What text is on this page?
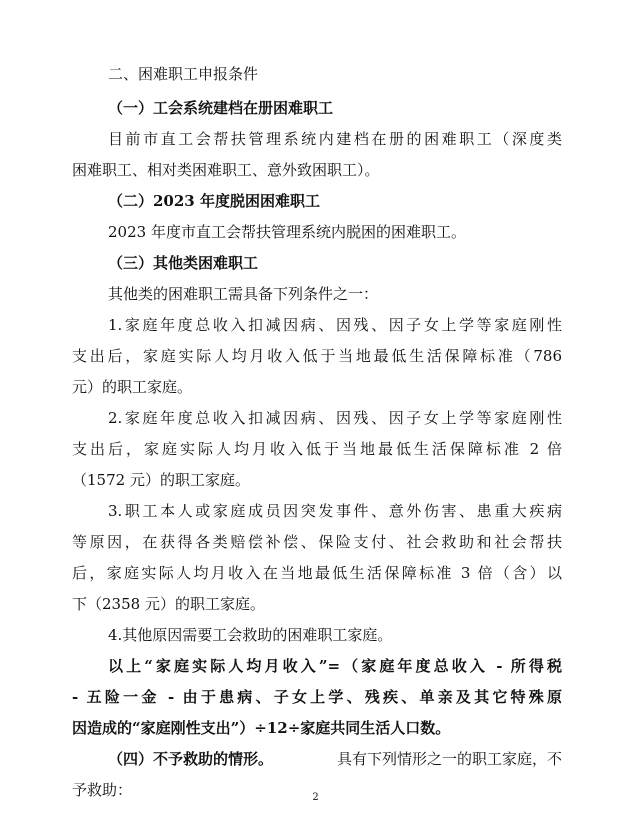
二、困难职工申报条件
（一）工会系统建档在册困难职工
目前市直工会帮扶管理系统内建档在册的困难职工（深度类
困难职工、相对类困难职工、意外致困职工）。
（二）2023 年度脱困困难职工
2023 年度市直工会帮扶管理系统内脱困的困难职工。
（三）其他类困难职工
其他类的困难职工需具备下列条件之一：
1.家庭年度总收入扣减因病、因残、因子女上学等家庭刚性
支出后，家庭实际人均月收入低于当地最低生活保障标准（786
元）的职工家庭。
2.家庭年度总收入扣减因病、因残、因子女上学等家庭刚性
支出后，家庭实际人均月收入低于当地最低生活保障标准 2 倍
（1572 元）的职工家庭。
3.职工本人或家庭成员因突发事件、意外伤害、患重大疾病
等原因，在获得各类赔偿补偿、保险支付、社会救助和社会帮扶
后，家庭实际人均月收入在当地最低生活保障标准 3 倍（含）以
下（2358 元）的职工家庭。
4.其他原因需要工会救助的困难职工家庭。
以上“家庭实际人均月收入”=（家庭年度总收入 - 所得税
- 五险一金 - 由于患病、子女上学、残疾、单亲及其它特殊原
因造成的“家庭刚性支出”）÷12÷家庭共同生活人口数。
（四）不予救助的情形。	具有下列情形之一的职工家庭，不
予救助：	2
